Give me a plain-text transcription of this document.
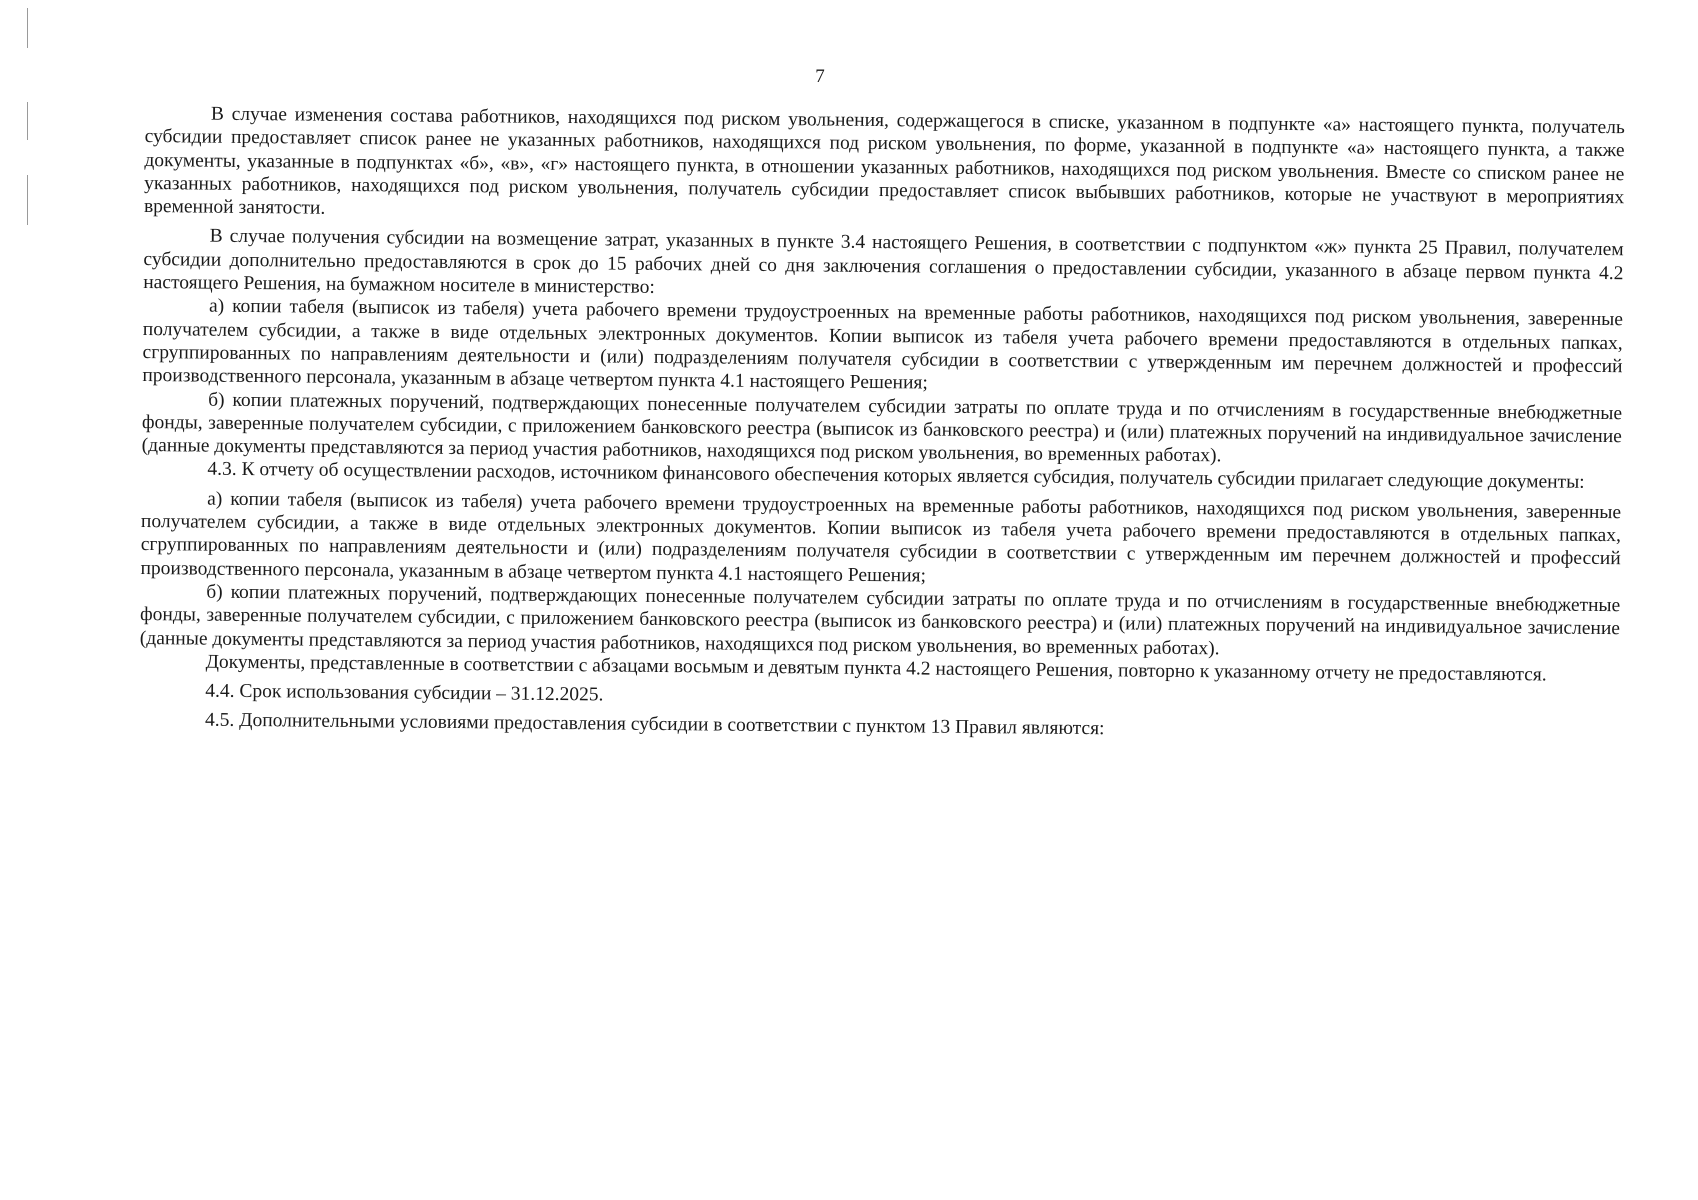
7

В случае изменения состава работников, находящихся под риском увольнения, содержащегося в списке, указанном в подпункте «а» настоящего пункта, получатель субсидии предоставляет список ранее не указанных работников, находящихся под риском увольнения, по форме, указанной в подпункте «а» настоящего пункта, а также документы, указанные в подпунктах «б», «в», «г» настоящего пункта, в отношении указанных работников, находящихся под риском увольнения. Вместе со списком ранее не указанных работников, находящихся под риском увольнения, получатель субсидии предоставляет список выбывших работников, которые не участвуют в мероприятиях временной занятости.

В случае получения субсидии на возмещение затрат, указанных в пункте 3.4 настоящего Решения, в соответствии с подпунктом «ж» пункта 25 Правил, получателем субсидии дополнительно предоставляются в срок до 15 рабочих дней со дня заключения соглашения о предоставлении субсидии, указанного в абзаце первом пункта 4.2 настоящего Решения, на бумажном носителе в министерство:

а) копии табеля (выписок из табеля) учета рабочего времени трудоустроенных на временные работы работников, находящихся под риском увольнения, заверенные получателем субсидии, а также в виде отдельных электронных документов. Копии выписок из табеля учета рабочего времени предоставляются в отдельных папках, сгруппированных по направлениям деятельности и (или) подразделениям получателя субсидии в соответствии с утвержденным им перечнем должностей и профессий производственного персонала, указанным в абзаце четвертом пункта 4.1 настоящего Решения;

б) копии платежных поручений, подтверждающих понесенные получателем субсидии затраты по оплате труда и по отчислениям в государственные внебюджетные фонды, заверенные получателем субсидии, с приложением банковского реестра (выписок из банковского реестра) и (или) платежных поручений на индивидуальное зачисление (данные документы представляются за период участия работников, находящихся под риском увольнения, во временных работах).

4.3. К отчету об осуществлении расходов, источником финансового обеспечения которых является субсидия, получатель субсидии прилагает следующие документы:

а) копии табеля (выписок из табеля) учета рабочего времени трудоустроенных на временные работы работников, находящихся под риском увольнения, заверенные получателем субсидии, а также в виде отдельных электронных документов. Копии выписок из табеля учета рабочего времени предоставляются в отдельных папках, сгруппированных по направлениям деятельности и (или) подразделениям получателя субсидии в соответствии с утвержденным им перечнем должностей и профессий производственного персонала, указанным в абзаце четвертом пункта 4.1 настоящего Решения;

б) копии платежных поручений, подтверждающих понесенные получателем субсидии затраты по оплате труда и по отчислениям в государственные внебюджетные фонды, заверенные получателем субсидии, с приложением банковского реестра (выписок из банковского реестра) и (или) платежных поручений на индивидуальное зачисление (данные документы представляются за период участия работников, находящихся под риском увольнения, во временных работах).

Документы, представленные в соответствии с абзацами восьмым и девятым пункта 4.2 настоящего Решения, повторно к указанному отчету не предоставляются.

4.4. Срок использования субсидии – 31.12.2025.

4.5. Дополнительными условиями предоставления субсидии в соответствии с пунктом 13 Правил являются:
